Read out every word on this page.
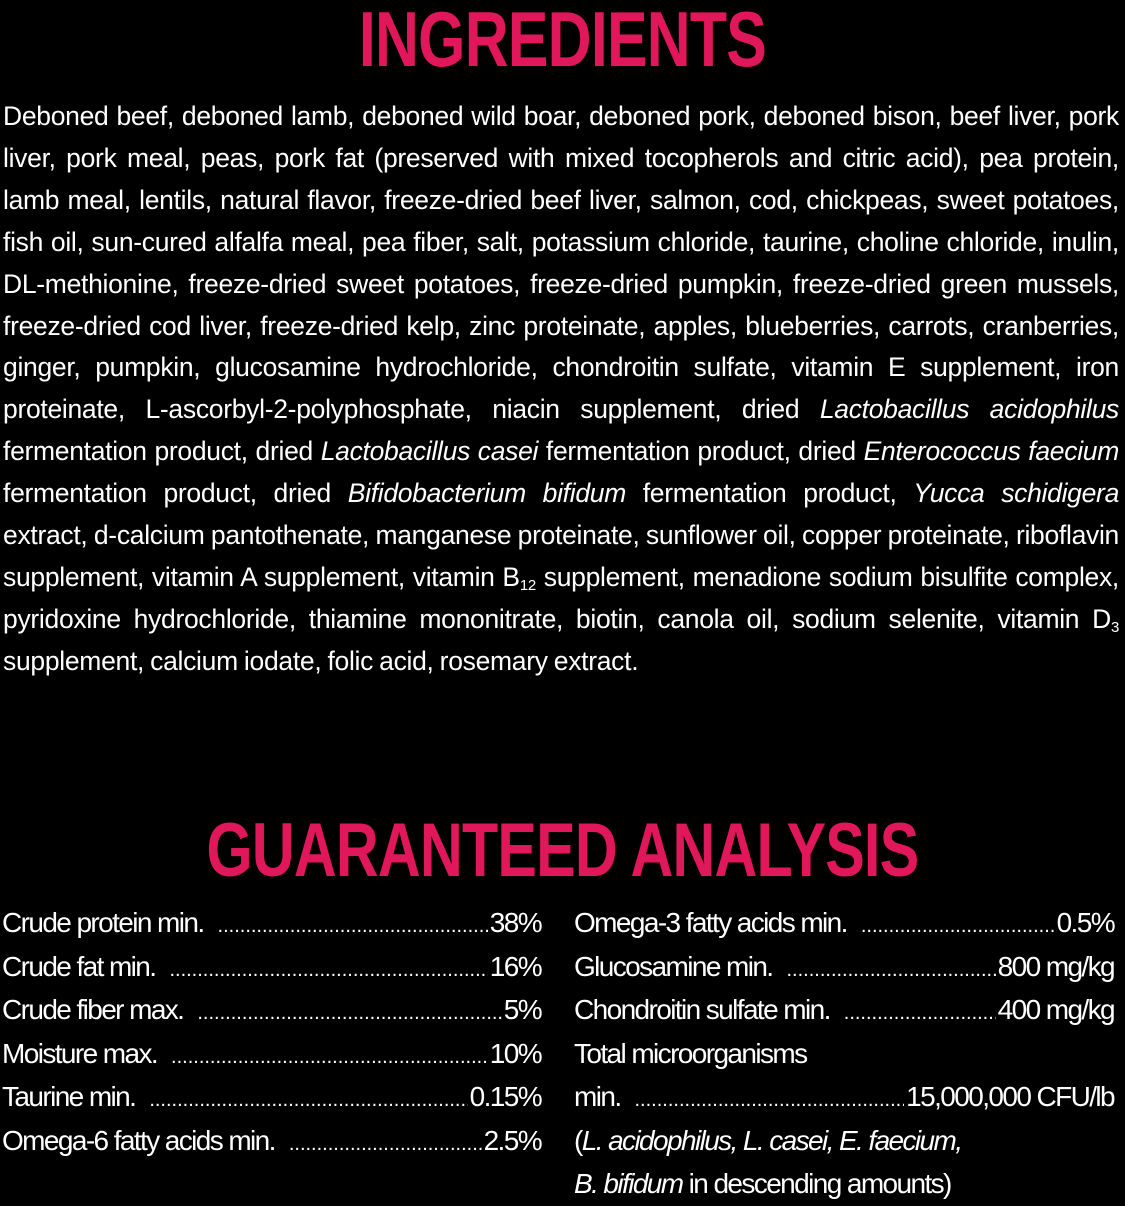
INGREDIENTS
Deboned beef, deboned lamb, deboned wild boar, deboned pork, deboned bison, beef liver, pork liver, pork meal, peas, pork fat (preserved with mixed tocopherols and citric acid), pea protein, lamb meal, lentils, natural flavor, freeze-dried beef liver, salmon, cod, chickpeas, sweet potatoes, fish oil, sun-cured alfalfa meal, pea fiber, salt, potassium chloride, taurine, choline chloride, inulin, DL-methionine, freeze-dried sweet potatoes, freeze-dried pumpkin, freeze-dried green mussels, freeze-dried cod liver, freeze-dried kelp, zinc proteinate, apples, blueberries, carrots, cranberries, ginger, pumpkin, glucosamine hydrochloride, chondroitin sulfate, vitamin E supplement, iron proteinate, L-ascorbyl-2-polyphosphate, niacin supplement, dried Lactobacillus acidophilus fermentation product, dried Lactobacillus casei fermentation product, dried Enterococcus faecium fermentation product, dried Bifidobacterium bifidum fermentation product, Yucca schidigera extract, d-calcium pantothenate, manganese proteinate, sunflower oil, copper proteinate, riboflavin supplement, vitamin A supplement, vitamin $B_{12}$ supplement, menadione sodium bisulfite complex, pyridoxine hydrochloride, thiamine mononitrate, biotin, canola oil, sodium selenite, vitamin $D_3$ supplement, calcium iodate, folic acid, rosemary extract.
GUARANTEED ANALYSIS
Crude protein min. .....	38%
Crude fat min. .....	16%
Crude fiber max. .....	5%
Moisture max. .....	10%
Taurine min. .....	0.15%
Omega-6 fatty acids min. .....	2.5%
Omega-3 fatty acids min. .....	0.5%
Glucosamine min. .....	800 mg/kg
Chondroitin sulfate min. .....	400 mg/kg
Total microorganisms
min. .....	15,000,000 CFU/lb
(L. acidophilus, L. casei, E. faecium,
B. bifidum in descending amounts)
